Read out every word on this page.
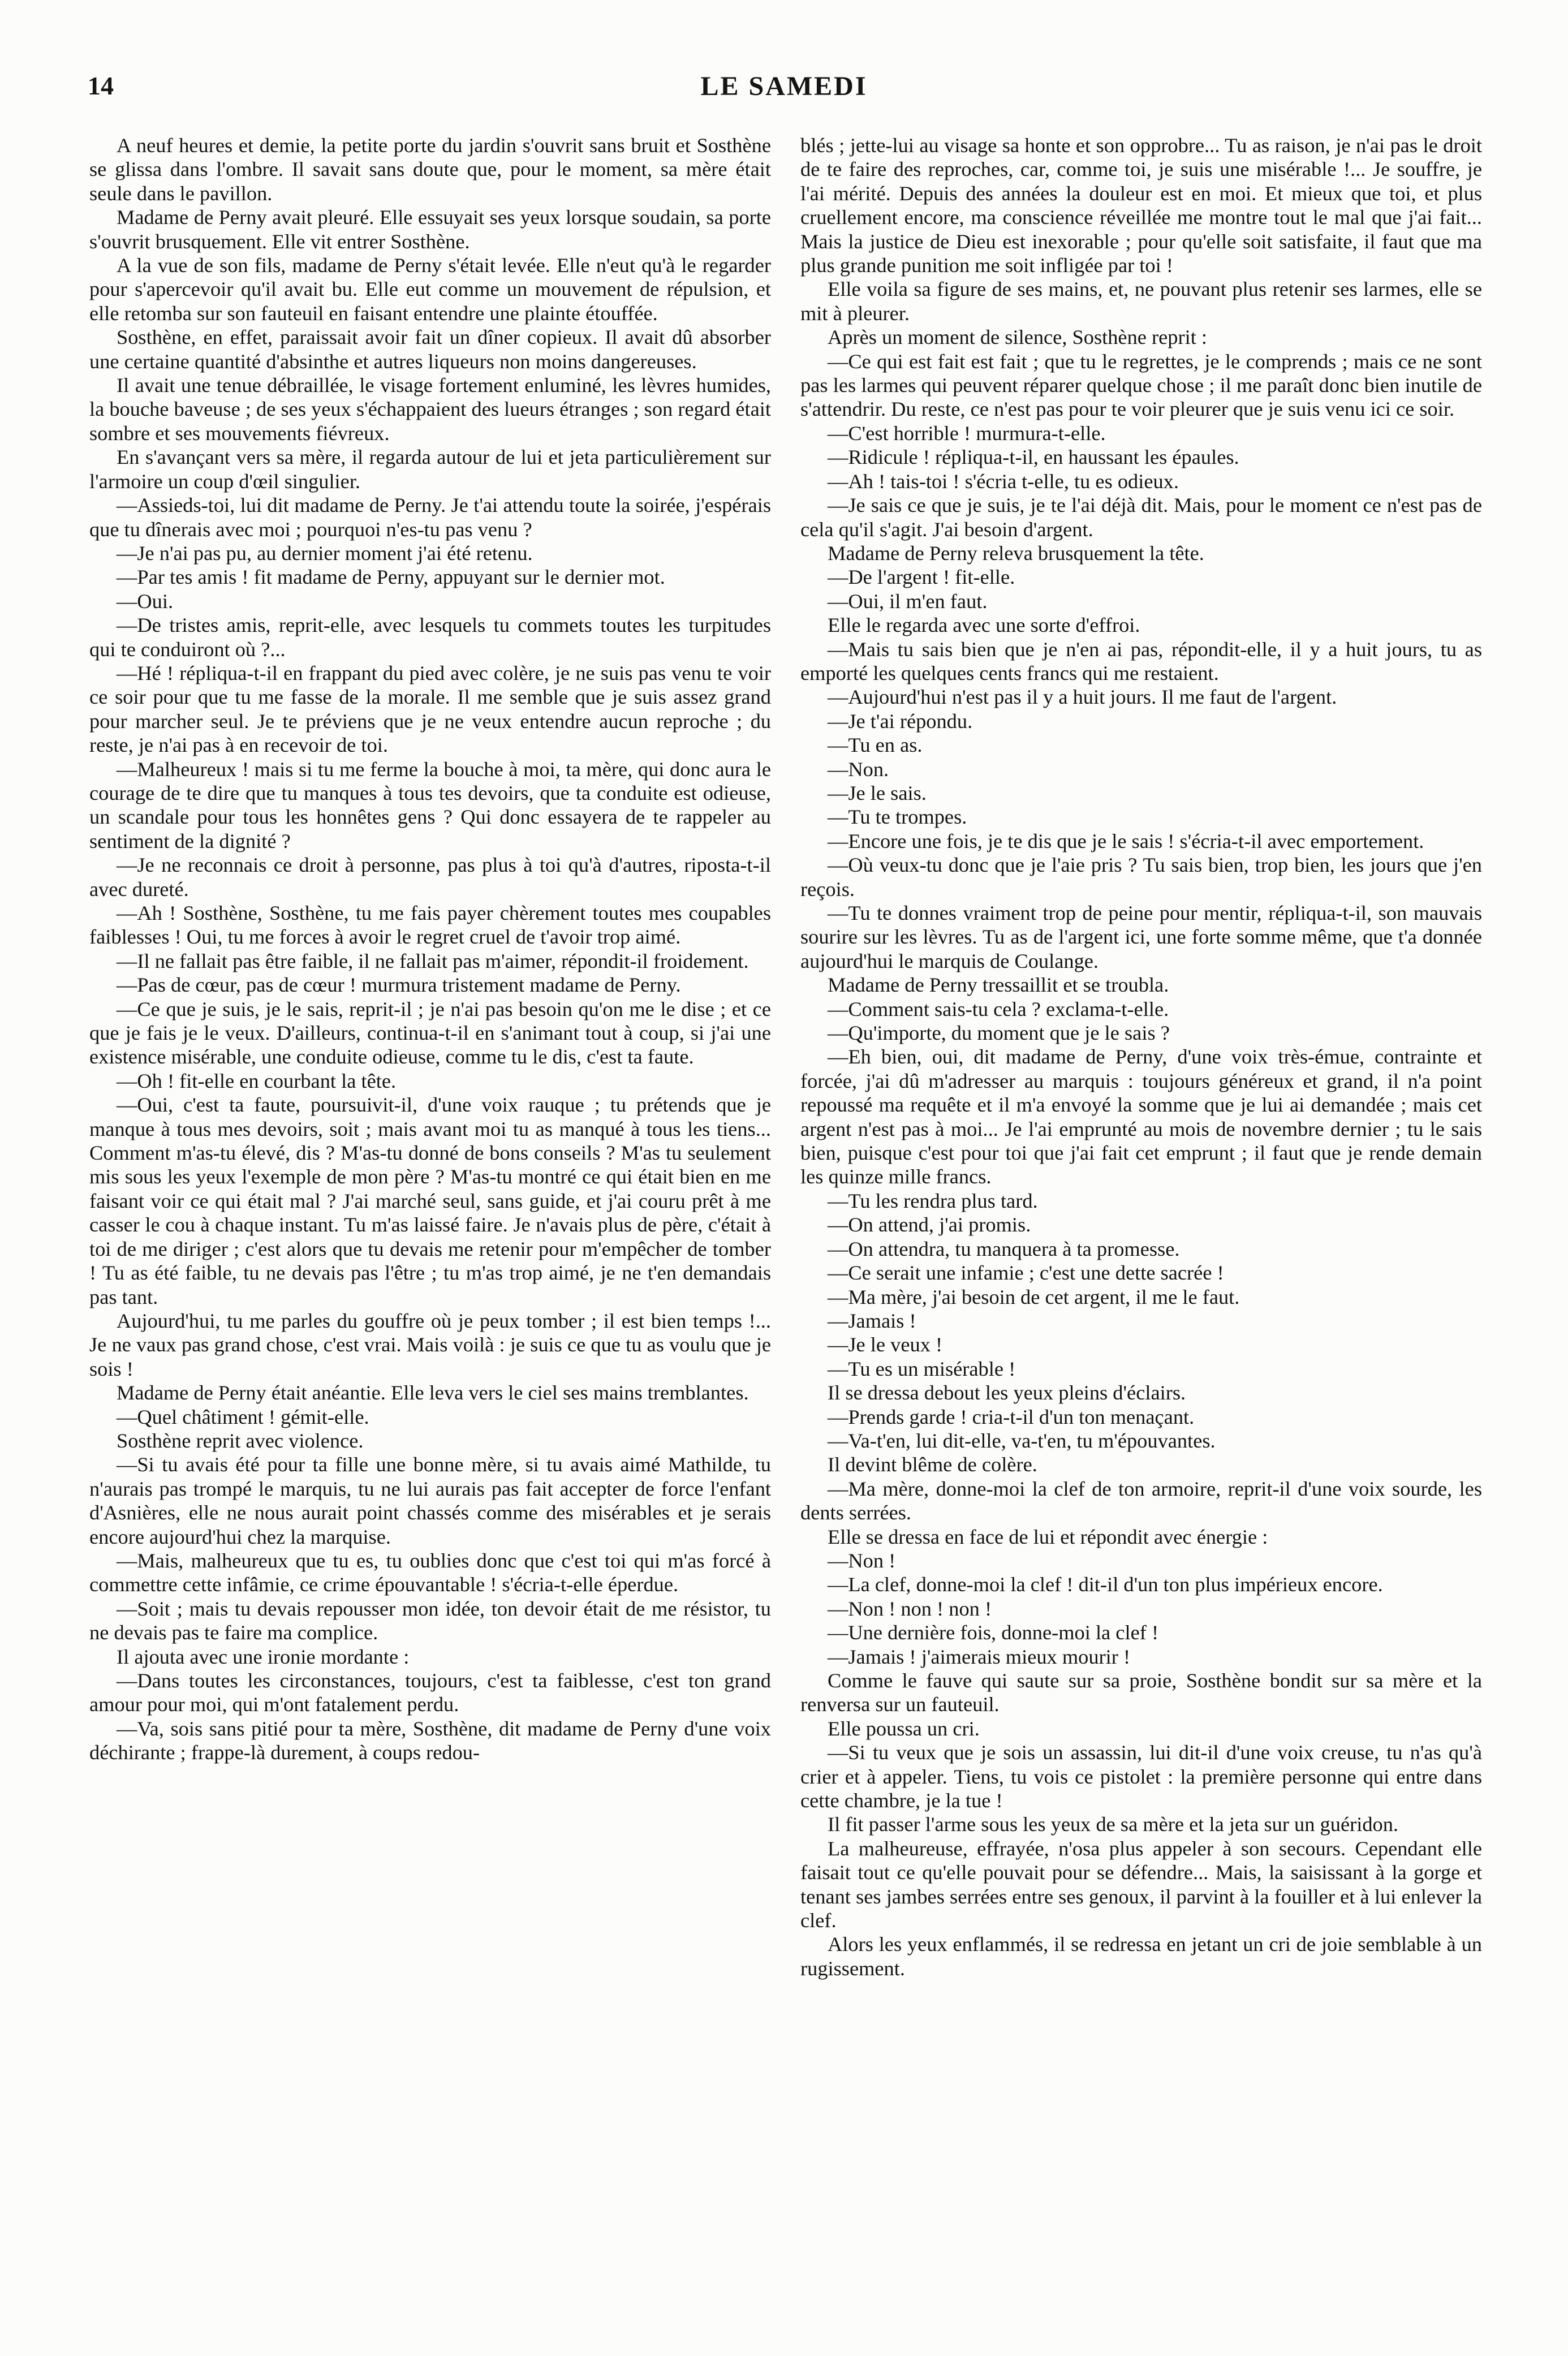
14	LE SAMEDI

A neuf heures et demie, la petite porte du jardin s'ouvrit sans bruit et Sosthène se glissa dans l'ombre. Il savait sans doute que, pour le moment, sa mère était seule dans le pavillon.

Madame de Perny avait pleuré. Elle essuyait ses yeux lorsque soudain, sa porte s'ouvrit brusquement. Elle vit entrer Sosthène.

A la vue de son fils, madame de Perny s'était levée. Elle n'eut qu'à le regarder pour s'apercevoir qu'il avait bu. Elle eut comme un mouvement de répulsion, et elle retomba sur son fauteuil en faisant entendre une plainte étouffée.

Sosthène, en effet, paraissait avoir fait un dîner copieux. Il avait dû absorber une certaine quantité d'absinthe et autres liqueurs non moins dangereuses.

Il avait une tenue débraillée, le visage fortement enluminé, les lèvres humides, la bouche baveuse ; de ses yeux s'échappaient des lueurs étranges ; son regard était sombre et ses mouvements fiévreux.

En s'avançant vers sa mère, il regarda autour de lui et jeta particulièrement sur l'armoire un coup d'œil singulier.

—Assieds-toi, lui dit madame de Perny. Je t'ai attendu toute la soirée, j'espérais que tu dînerais avec moi ; pourquoi n'es-tu pas venu ?

—Je n'ai pas pu, au dernier moment j'ai été retenu.

—Par tes amis ! fit madame de Perny, appuyant sur le dernier mot.

—Oui.

—De tristes amis, reprit-elle, avec lesquels tu commets toutes les turpitudes qui te conduiront où ?...

—Hé ! répliqua-t-il en frappant du pied avec colère, je ne suis pas venu te voir ce soir pour que tu me fasse de la morale. Il me semble que je suis assez grand pour marcher seul. Je te préviens que je ne veux entendre aucun reproche ; du reste, je n'ai pas à en recevoir de toi.

—Malheureux ! mais si tu me ferme la bouche à moi, ta mère, qui donc aura le courage de te dire que tu manques à tous tes devoirs, que ta conduite est odieuse, un scandale pour tous les honnêtes gens ? Qui donc essayera de te rappeler au sentiment de la dignité ?

—Je ne reconnais ce droit à personne, pas plus à toi qu'à d'autres, riposta-t-il avec dureté.

—Ah ! Sosthène, Sosthène, tu me fais payer chèrement toutes mes coupables faiblesses ! Oui, tu me forces à avoir le regret cruel de t'avoir trop aimé.

—Il ne fallait pas être faible, il ne fallait pas m'aimer, répondit-il froidement.

—Pas de cœur, pas de cœur ! murmura tristement madame de Perny.

—Ce que je suis, je le sais, reprit-il ; je n'ai pas besoin qu'on me le dise ; et ce que je fais je le veux. D'ailleurs, continua-t-il en s'animant tout à coup, si j'ai une existence misérable, une conduite odieuse, comme tu le dis, c'est ta faute.

—Oh ! fit-elle en courbant la tête.

—Oui, c'est ta faute, poursuivit-il, d'une voix rauque ; tu prétends que je manque à tous mes devoirs, soit ; mais avant moi tu as manqué à tous les tiens... Comment m'as-tu élevé, dis ? M'as-tu donné de bons conseils ? M'as tu seulement mis sous les yeux l'exemple de mon père ? M'as-tu montré ce qui était bien en me faisant voir ce qui était mal ? J'ai marché seul, sans guide, et j'ai couru prêt à me casser le cou à chaque instant. Tu m'as laissé faire. Je n'avais plus de père, c'était à toi de me diriger ; c'est alors que tu devais me retenir pour m'empêcher de tomber ! Tu as été faible, tu ne devais pas l'être ; tu m'as trop aimé, je ne t'en demandais pas tant.

Aujourd'hui, tu me parles du gouffre où je peux tomber ; il est bien temps !... Je ne vaux pas grand chose, c'est vrai. Mais voilà : je suis ce que tu as voulu que je sois !

Madame de Perny était anéantie. Elle leva vers le ciel ses mains tremblantes.

—Quel châtiment ! gémit-elle.

Sosthène reprit avec violence.

—Si tu avais été pour ta fille une bonne mère, si tu avais aimé Mathilde, tu n'aurais pas trompé le marquis, tu ne lui aurais pas fait accepter de force l'enfant d'Asnières, elle ne nous aurait point chassés comme des misérables et je serais encore aujourd'hui chez la marquise.

—Mais, malheureux que tu es, tu oublies donc que c'est toi qui m'as forcé à commettre cette infâmie, ce crime épouvantable ! s'écria-t-elle éperdue.

—Soit ; mais tu devais repousser mon idée, ton devoir était de me résistor, tu ne devais pas te faire ma complice.

Il ajouta avec une ironie mordante :

—Dans toutes les circonstances, toujours, c'est ta faiblesse, c'est ton grand amour pour moi, qui m'ont fatalement perdu.

—Va, sois sans pitié pour ta mère, Sosthène, dit madame de Perny d'une voix déchirante ; frappe-là durement, à coups redou-

blés ; jette-lui au visage sa honte et son opprobre... Tu as raison, je n'ai pas le droit de te faire des reproches, car, comme toi, je suis une misérable !... Je souffre, je l'ai mérité. Depuis des années la douleur est en moi. Et mieux que toi, et plus cruellement encore, ma conscience réveillée me montre tout le mal que j'ai fait... Mais la justice de Dieu est inexorable ; pour qu'elle soit satisfaite, il faut que ma plus grande punition me soit infligée par toi !

Elle voila sa figure de ses mains, et, ne pouvant plus retenir ses larmes, elle se mit à pleurer.

Après un moment de silence, Sosthène reprit :

—Ce qui est fait est fait ; que tu le regrettes, je le comprends ; mais ce ne sont pas les larmes qui peuvent réparer quelque chose ; il me paraît donc bien inutile de s'attendrir. Du reste, ce n'est pas pour te voir pleurer que je suis venu ici ce soir.

—C'est horrible ! murmura-t-elle.

—Ridicule ! répliqua-t-il, en haussant les épaules.

—Ah ! tais-toi ! s'écria t-elle, tu es odieux.

—Je sais ce que je suis, je te l'ai déjà dit. Mais, pour le moment ce n'est pas de cela qu'il s'agit. J'ai besoin d'argent.

Madame de Perny releva brusquement la tête.

—De l'argent ! fit-elle.

—Oui, il m'en faut.

Elle le regarda avec une sorte d'effroi.

—Mais tu sais bien que je n'en ai pas, répondit-elle, il y a huit jours, tu as emporté les quelques cents francs qui me restaient.

—Aujourd'hui n'est pas il y a huit jours. Il me faut de l'argent.

—Je t'ai répondu.

—Tu en as.

—Non.

—Je le sais.

—Tu te trompes.

—Encore une fois, je te dis que je le sais ! s'écria-t-il avec emportement.

—Où veux-tu donc que je l'aie pris ? Tu sais bien, trop bien, les jours que j'en reçois.

—Tu te donnes vraiment trop de peine pour mentir, répliqua-t-il, son mauvais sourire sur les lèvres. Tu as de l'argent ici, une forte somme même, que t'a donnée aujourd'hui le marquis de Coulange.

Madame de Perny tressaillit et se troubla.

—Comment sais-tu cela ? exclama-t-elle.

—Qu'importe, du moment que je le sais ?

—Eh bien, oui, dit madame de Perny, d'une voix très-émue, contrainte et forcée, j'ai dû m'adresser au marquis : toujours généreux et grand, il n'a point repoussé ma requête et il m'a envoyé la somme que je lui ai demandée ; mais cet argent n'est pas à moi... Je l'ai emprunté au mois de novembre dernier ; tu le sais bien, puisque c'est pour toi que j'ai fait cet emprunt ; il faut que je rende demain les quinze mille francs.

—Tu les rendra plus tard.

—On attend, j'ai promis.

—On attendra, tu manquera à ta promesse.

—Ce serait une infamie ; c'est une dette sacrée !

—Ma mère, j'ai besoin de cet argent, il me le faut.

—Jamais !

—Je le veux !

—Tu es un misérable !

Il se dressa debout les yeux pleins d'éclairs.

—Prends garde ! cria-t-il d'un ton menaçant.

—Va-t'en, lui dit-elle, va-t'en, tu m'épouvantes.

Il devint blême de colère.

—Ma mère, donne-moi la clef de ton armoire, reprit-il d'une voix sourde, les dents serrées.

Elle se dressa en face de lui et répondit avec énergie :

—Non !

—La clef, donne-moi la clef ! dit-il d'un ton plus impérieux encore.

—Non ! non ! non !

—Une dernière fois, donne-moi la clef !

—Jamais ! j'aimerais mieux mourir !

Comme le fauve qui saute sur sa proie, Sosthène bondit sur sa mère et la renversa sur un fauteuil.

Elle poussa un cri.

—Si tu veux que je sois un assassin, lui dit-il d'une voix creuse, tu n'as qu'à crier et à appeler. Tiens, tu vois ce pistolet : la première personne qui entre dans cette chambre, je la tue !

Il fit passer l'arme sous les yeux de sa mère et la jeta sur un guéridon.

La malheureuse, effrayée, n'osa plus appeler à son secours. Cependant elle faisait tout ce qu'elle pouvait pour se défendre... Mais, la saisissant à la gorge et tenant ses jambes serrées entre ses genoux, il parvint à la fouiller et à lui enlever la clef.

Alors les yeux enflammés, il se redressa en jetant un cri de joie semblable à un rugissement.
